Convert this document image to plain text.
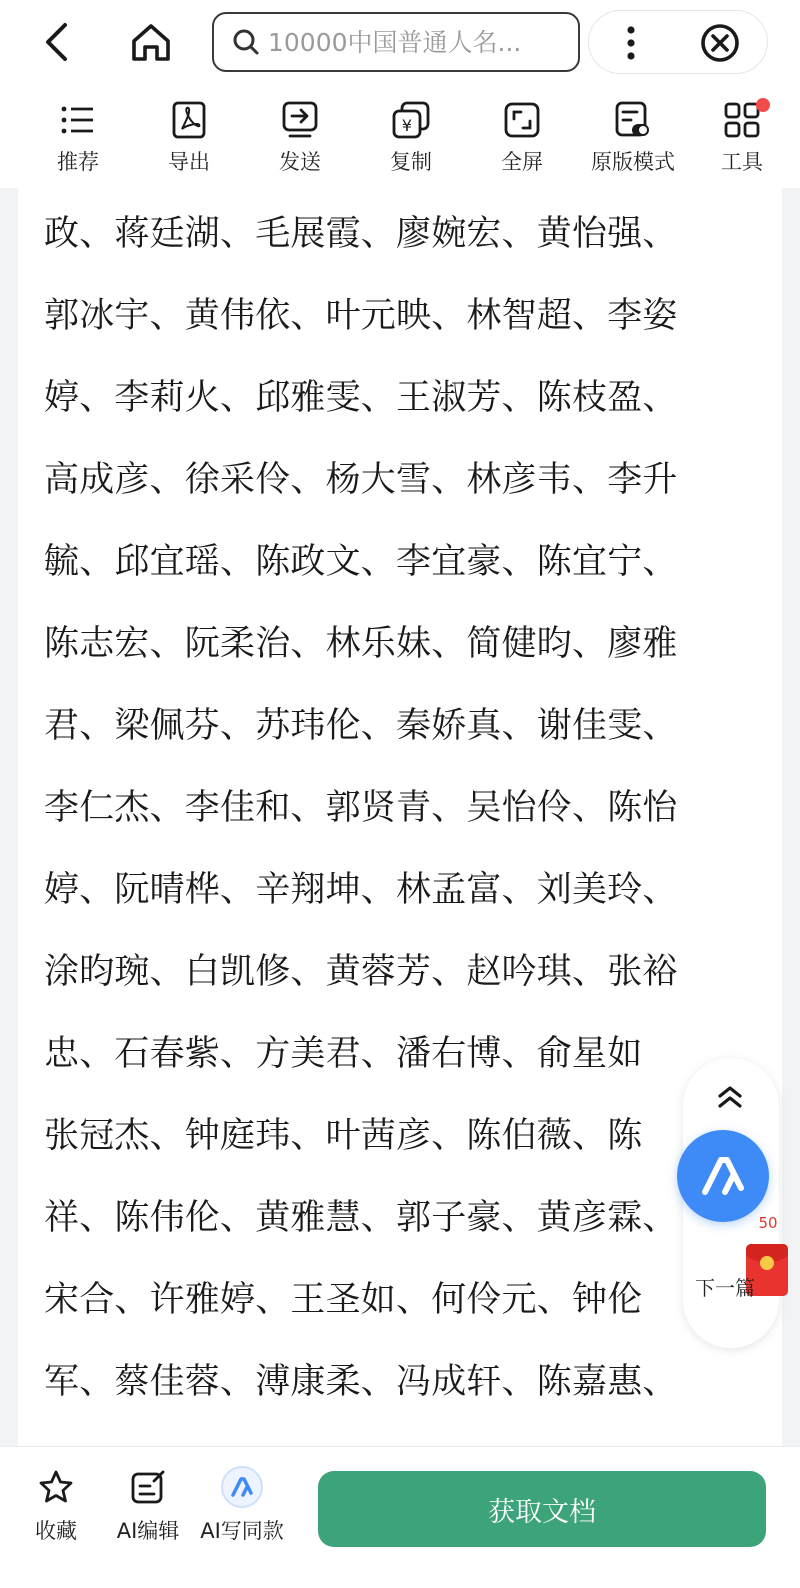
10000中国普通人名...
推荐	导出	发送
¥
复制	全屏 原版模式 工具
政、蒋廷湖、毛展霞、廖婉宏、黄怡强、
郭冰宇、黄伟依、叶元映、林智超、李姿
婷、李莉火、邱雅雯、王淑芳、陈枝盈、
高成彦、徐采伶、杨大雪、林彦韦、李升
毓、邱宜瑶、陈政文、李宜豪、陈宜宁、
陈志宏、阮柔治、林乐妹、简健昀、廖雅
君、梁佩芬、苏玮伦、秦娇真、谢佳雯、
李仁杰、李佳和、郭贤青、吴怡伶、陈怡
婷、阮晴桦、辛翔坤、林孟富、刘美玲、
涂昀琬、白凯修、黄蓉芳、赵吟琪、张裕
忠、石春紫、方美君、潘右博、俞星如
张冠杰、钟庭玮、叶茜彦、陈伯薇、陈
祥、陈伟伦、黄雅慧、郭子豪、黄彦霖、
宋合、许雅婷、王圣如、何伶元、钟伦
军、蔡佳蓉、溥康柔、冯成轩、陈嘉惠、
50
下一篇
收藏 AI编辑 AI写同款
获取文档
